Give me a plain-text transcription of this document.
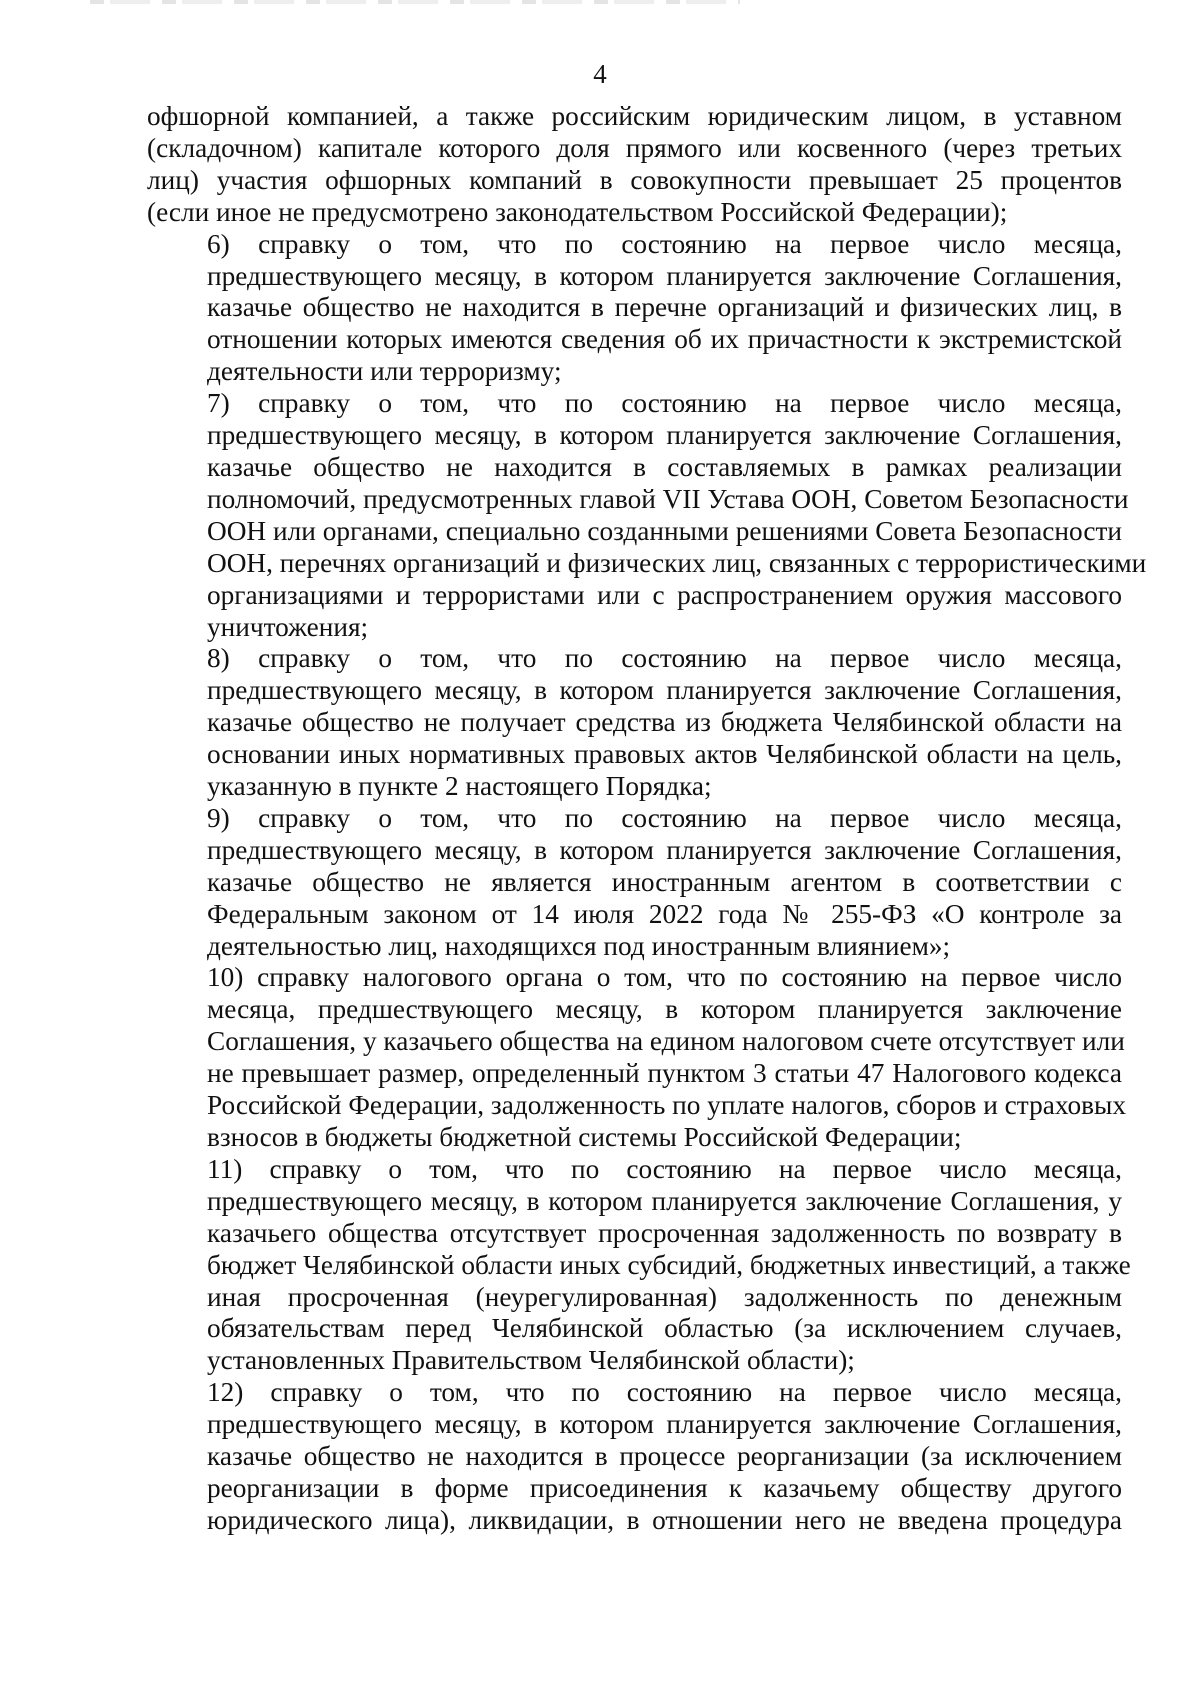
4
офшорной компанией, а также российским юридическим лицом, в уставном
(складочном) капитале которого доля прямого или косвенного (через третьих
лиц) участия офшорных компаний в совокупности превышает 25 процентов
(если иное не предусмотрено законодательством Российской Федерации);
6) справку о том, что по состоянию на первое число месяца,
предшествующего месяцу, в котором планируется заключение Соглашения,
казачье общество не находится в перечне организаций и физических лиц, в
отношении которых имеются сведения об их причастности к экстремистской
деятельности или терроризму;
7) справку о том, что по состоянию на первое число месяца,
предшествующего месяцу, в котором планируется заключение Соглашения,
казачье общество не находится в составляемых в рамках реализации
полномочий, предусмотренных главой VII Устава ООН, Советом Безопасности
ООН или органами, специально созданными решениями Совета Безопасности
ООН, перечнях организаций и физических лиц, связанных с террористическими
организациями и террористами или с распространением оружия массового
уничтожения;
8) справку о том, что по состоянию на первое число месяца,
предшествующего месяцу, в котором планируется заключение Соглашения,
казачье общество не получает средства из бюджета Челябинской области на
основании иных нормативных правовых актов Челябинской области на цель,
указанную в пункте 2 настоящего Порядка;
9) справку о том, что по состоянию на первое число месяца,
предшествующего месяцу, в котором планируется заключение Соглашения,
казачье общество не является иностранным агентом в соответствии с
Федеральным законом от 14 июля 2022 года № 255-ФЗ «О контроле за
деятельностью лиц, находящихся под иностранным влиянием»;
10) справку налогового органа о том, что по состоянию на первое число
месяца, предшествующего месяцу, в котором планируется заключение
Соглашения, у казачьего общества на едином налоговом счете отсутствует или
не превышает размер, определенный пунктом 3 статьи 47 Налогового кодекса
Российской Федерации, задолженность по уплате налогов, сборов и страховых
взносов в бюджеты бюджетной системы Российской Федерации;
11) справку о том, что по состоянию на первое число месяца,
предшествующего месяцу, в котором планируется заключение Соглашения, у
казачьего общества отсутствует просроченная задолженность по возврату в
бюджет Челябинской области иных субсидий, бюджетных инвестиций, а также
иная просроченная (неурегулированная) задолженность по денежным
обязательствам перед Челябинской областью (за исключением случаев,
установленных Правительством Челябинской области);
12) справку о том, что по состоянию на первое число месяца,
предшествующего месяцу, в котором планируется заключение Соглашения,
казачье общество не находится в процессе реорганизации (за исключением
реорганизации в форме присоединения к казачьему обществу другого
юридического лица), ликвидации, в отношении него не введена процедура
